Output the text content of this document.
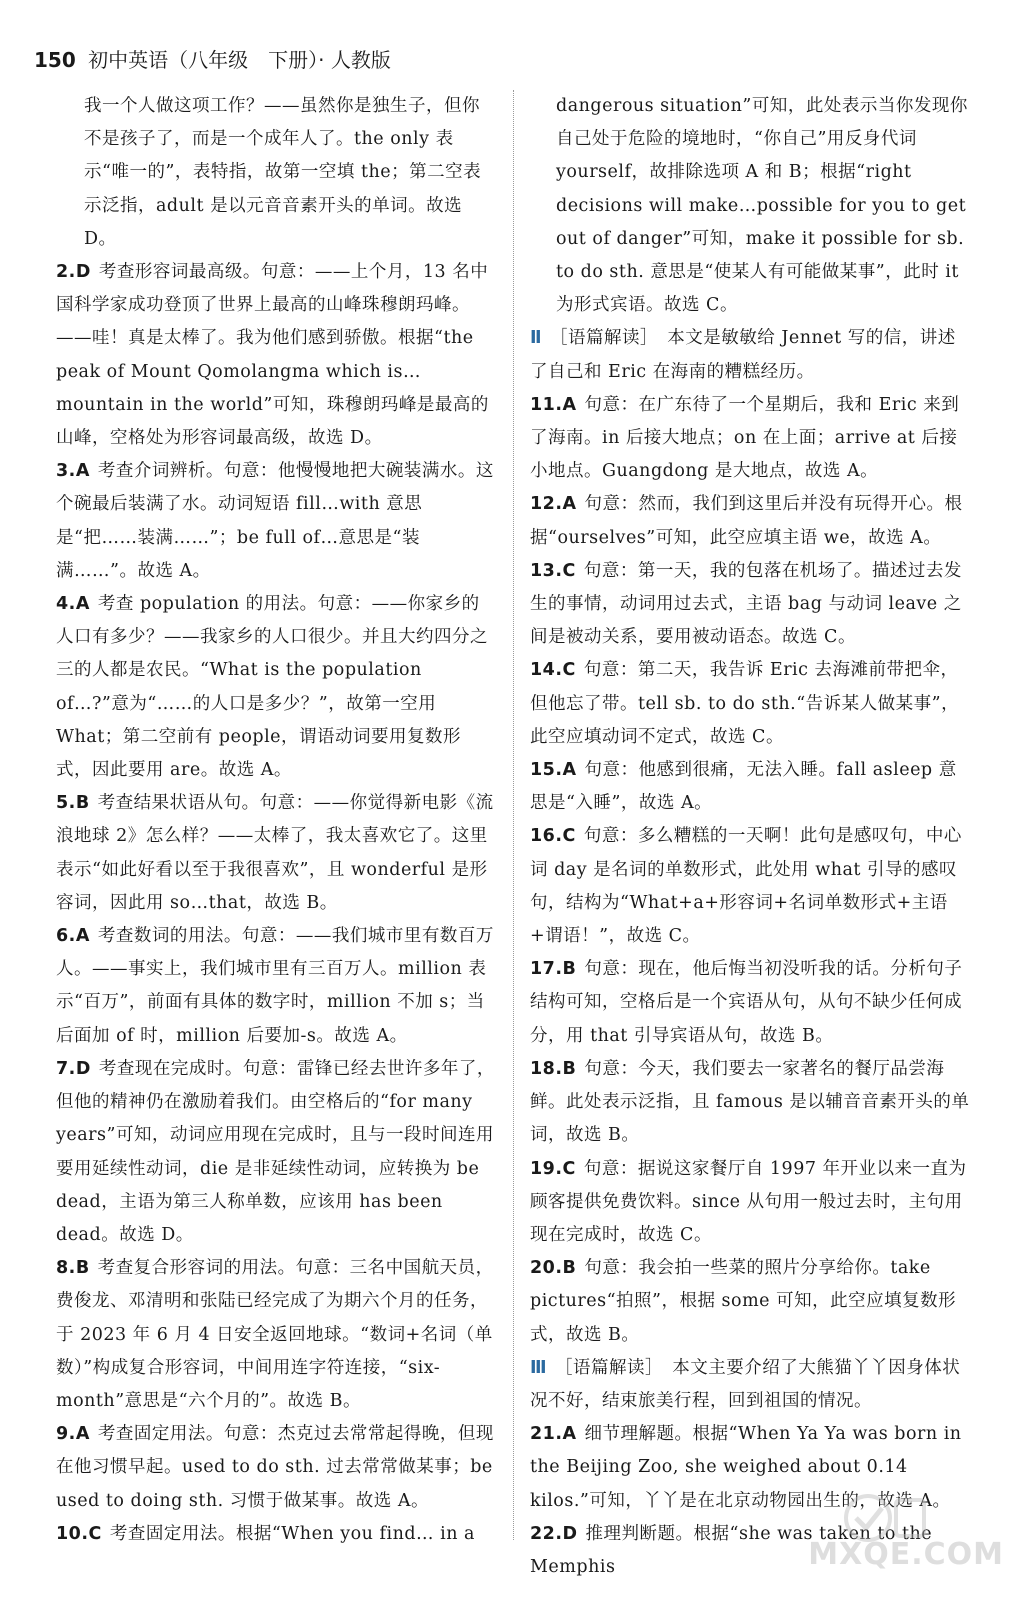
150 初中英语（八年级　下册）· 人教版

我一个人做这项工作？——虽然你是独生子，但你不是孩子了，而是一个成年人了。the only 表示“唯一的”，表特指，故第一空填 the；第二空表示泛指，adult 是以元音音素开头的单词。故选 D。

2.D 考查形容词最高级。句意：——上个月，13 名中国科学家成功登顶了世界上最高的山峰珠穆朗玛峰。——哇！真是太棒了。我为他们感到骄傲。根据“the peak of Mount Qomolangma which is…mountain in the world”可知，珠穆朗玛峰是最高的山峰，空格处为形容词最高级，故选 D。

3.A 考查介词辨析。句意：他慢慢地把大碗装满水。这个碗最后装满了水。动词短语 fill…with 意思是“把……装满……”；be full of…意思是“装满……”。故选 A。

4.A 考查 population 的用法。句意：——你家乡的人口有多少？——我家乡的人口很少。并且大约四分之三的人都是农民。“What is the population of…?”意为“……的人口是多少？”，故第一空用 What；第二空前有 people，谓语动词要用复数形式，因此要用 are。故选 A。

5.B 考查结果状语从句。句意：——你觉得新电影《流浪地球 2》怎么样？——太棒了，我太喜欢它了。这里表示“如此好看以至于我很喜欢”，且 wonderful 是形容词，因此用 so…that，故选 B。

6.A 考查数词的用法。句意：——我们城市里有数百万人。——事实上，我们城市里有三百万人。million 表示“百万”，前面有具体的数字时，million 不加 s；当后面加 of 时，million 后要加-s。故选 A。

7.D 考查现在完成时。句意：雷锋已经去世许多年了，但他的精神仍在激励着我们。由空格后的“for many years”可知，动词应用现在完成时，且与一段时间连用要用延续性动词，die 是非延续性动词，应转换为 be dead，主语为第三人称单数，应该用 has been dead。故选 D。

8.B 考查复合形容词的用法。句意：三名中国航天员，费俊龙、邓清明和张陆已经完成了为期六个月的任务，于 2023 年 6 月 4 日安全返回地球。“数词+名词（单数）”构成复合形容词，中间用连字符连接，“six-month”意思是“六个月的”。故选 B。

9.A 考查固定用法。句意：杰克过去常常起得晚，但现在他习惯早起。used to do sth. 过去常常做某事；be used to doing sth. 习惯于做某事。故选 A。

10.C 考查固定用法。根据“When you find… in a

dangerous situation”可知，此处表示当你发现你自己处于危险的境地时，“你自己”用反身代词 yourself，故排除选项 A 和 B；根据“right decisions will make…possible for you to get out of danger”可知，make it possible for sb. to do sth. 意思是“使某人有可能做某事”，此时 it 为形式宾语。故选 C。

Ⅱ ［语篇解读］　本文是敏敏给 Jennet 写的信，讲述了自己和 Eric 在海南的糟糕经历。

11.A 句意：在广东待了一个星期后，我和 Eric 来到了海南。in 后接大地点；on 在上面；arrive at 后接小地点。Guangdong 是大地点，故选 A。

12.A 句意：然而，我们到这里后并没有玩得开心。根据“ourselves”可知，此空应填主语 we，故选 A。

13.C 句意：第一天，我的包落在机场了。描述过去发生的事情，动词用过去式，主语 bag 与动词 leave 之间是被动关系，要用被动语态。故选 C。

14.C 句意：第二天，我告诉 Eric 去海滩前带把伞，但他忘了带。tell sb. to do sth.“告诉某人做某事”，此空应填动词不定式，故选 C。

15.A 句意：他感到很痛，无法入睡。fall asleep 意思是“入睡”，故选 A。

16.C 句意：多么糟糕的一天啊！此句是感叹句，中心词 day 是名词的单数形式，此处用 what 引导的感叹句，结构为“What+a+形容词+名词单数形式+主语+谓语！”，故选 C。

17.B 句意：现在，他后悔当初没听我的话。分析句子结构可知，空格后是一个宾语从句，从句不缺少任何成分，用 that 引导宾语从句，故选 B。

18.B 句意：今天，我们要去一家著名的餐厅品尝海鲜。此处表示泛指，且 famous 是以辅音音素开头的单词，故选 B。

19.C 句意：据说这家餐厅自 1997 年开业以来一直为顾客提供免费饮料。since 从句用一般过去时，主句用现在完成时，故选 C。

20.B 句意：我会拍一些菜的照片分享给你。take pictures“拍照”，根据 some 可知，此空应填复数形式，故选 B。

Ⅲ ［语篇解读］　本文主要介绍了大熊猫丫丫因身体状况不好，结束旅美行程，回到祖国的情况。

21.A 细节理解题。根据“When Ya Ya was born in the Beijing Zoo, she weighed about 0.14 kilos.”可知，丫丫是在北京动物园出生的，故选 A。

22.D 推理判断题。根据“she was taken to the Memphis	MXQE.COM
